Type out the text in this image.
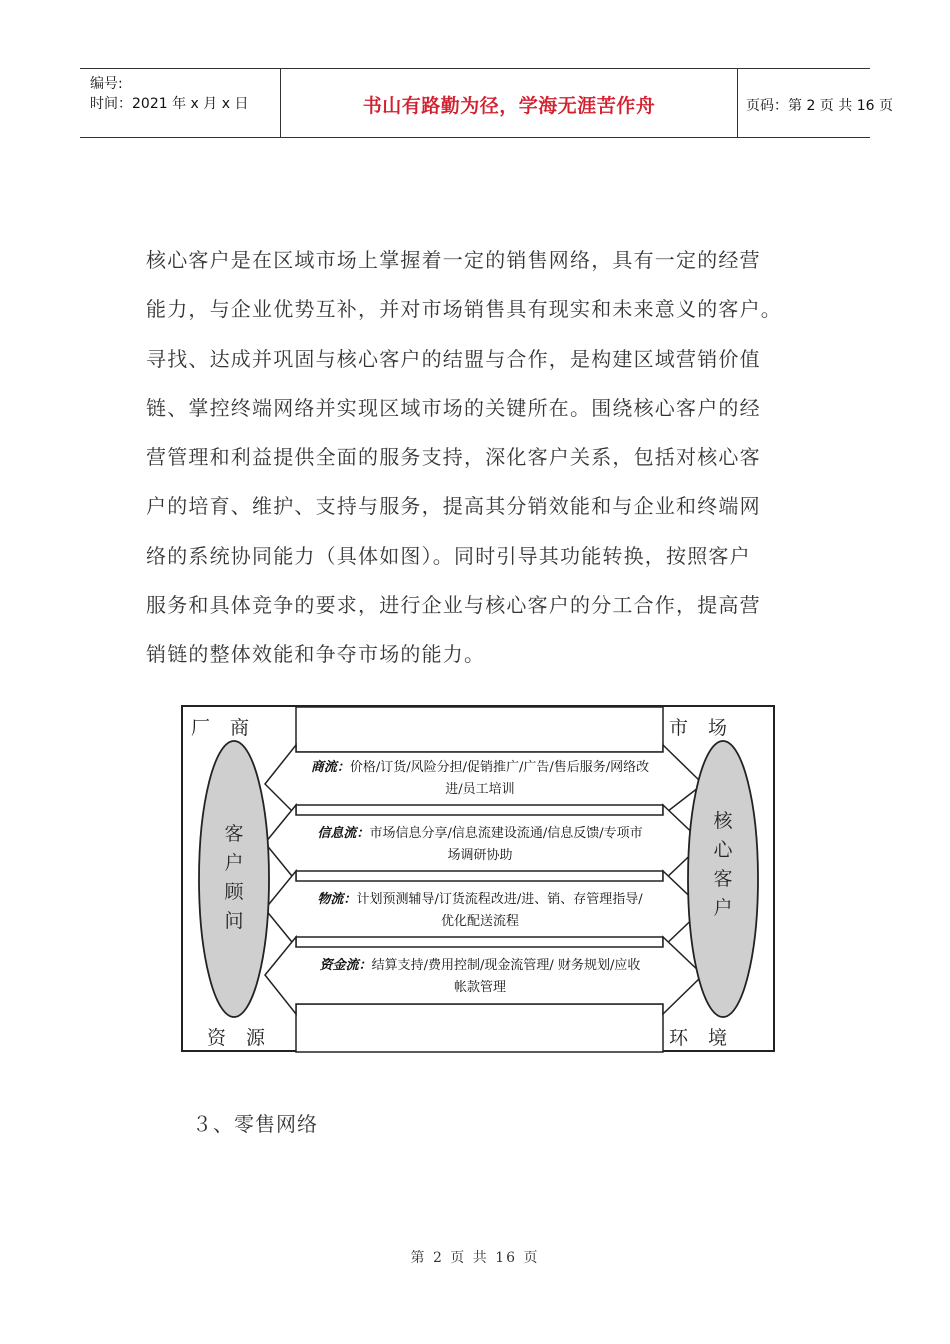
编号:
时间：2021 年 x 月 x 日	书山有路勤为径，学海无涯苦作舟	页码：第 2 页 共 16 页

核心客户是在区域市场上掌握着一定的销售网络，具有一定的经营
能力，与企业优势互补，并对市场销售具有现实和未来意义的客户。
寻找、达成并巩固与核心客户的结盟与合作，是构建区域营销价值
链、掌控终端网络并实现区域市场的关键所在。围绕核心客户的经
营管理和利益提供全面的服务支持，深化客户关系，包括对核心客
户的培育、维护、支持与服务，提高其分销效能和与企业和终端网
络的系统协同能力（具体如图）。同时引导其功能转换，按照客户
服务和具体竞争的要求，进行企业与核心客户的分工合作，提高营
销链的整体效能和争夺市场的能力。

厂商	市场
资源	环境
客户顾问
核心客户
商流：价格/订货/风险分担/促销推广/广告/售后服务/网络改
进/员工培训
信息流：市场信息分享/信息流建设流通/信息反馈/专项市
场调研协助
物流：计划预测辅导/订货流程改进/进、销、存管理指导/
优化配送流程
资金流：结算支持/费用控制/现金流管理/ 财务规划/应收
帐款管理
３、零售网络
第 2 页 共 16 页
